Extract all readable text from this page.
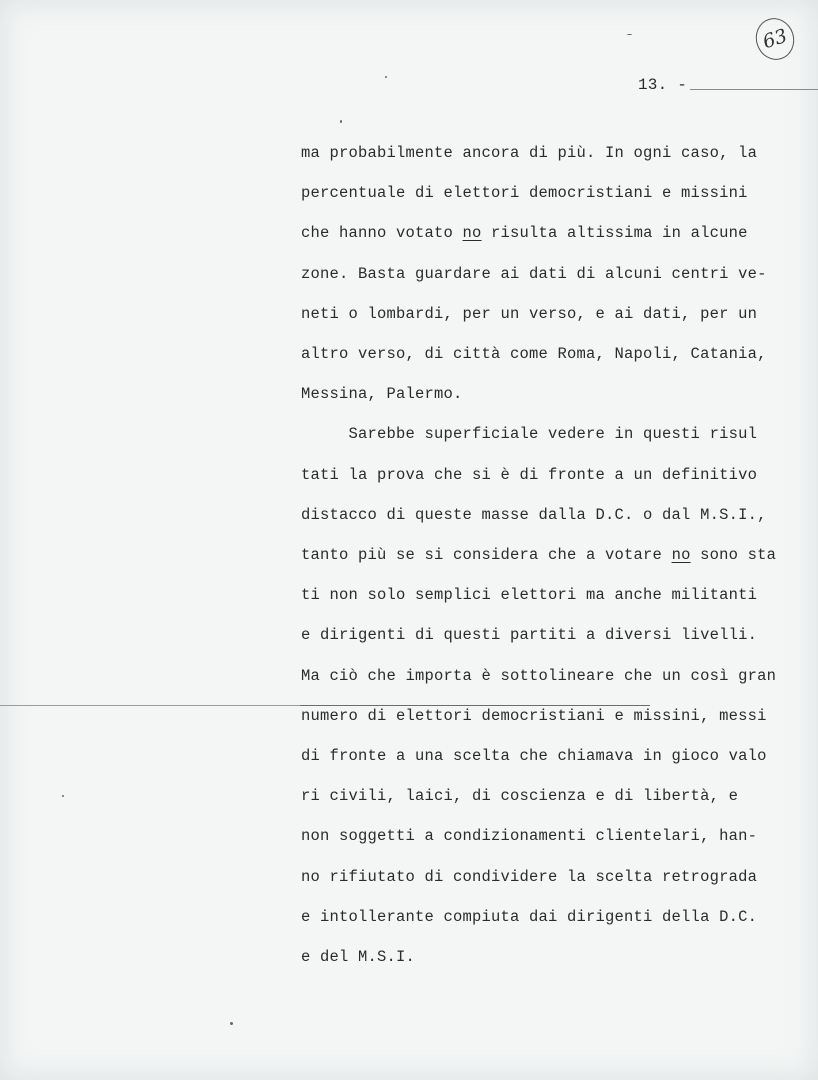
63
13. -
ma probabilmente ancora di più. In ogni caso, la
percentuale di elettori democristiani e missini
che hanno votato no risulta altissima in alcune
zone. Basta guardare ai dati di alcuni centri ve-
neti o lombardi, per un verso, e ai dati, per un
altro verso, di città come Roma, Napoli, Catania,
Messina, Palermo.
Sarebbe superficiale vedere in questi risul
tati la prova che si è di fronte a un definitivo
distacco di queste masse dalla D.C. o dal M.S.I.,
tanto più se si considera che a votare no sono sta
ti non solo semplici elettori ma anche militanti
e dirigenti di questi partiti a diversi livelli.
Ma ciò che importa è sottolineare che un così gran
numero di elettori democristiani e missini, messi
di fronte a una scelta che chiamava in gioco valo
ri civili, laici, di coscienza e di libertà, e
non soggetti a condizionamenti clientelari, han-
no rifiutato di condividere la scelta retrograda
e intollerante compiuta dai dirigenti della D.C.
e del M.S.I.
